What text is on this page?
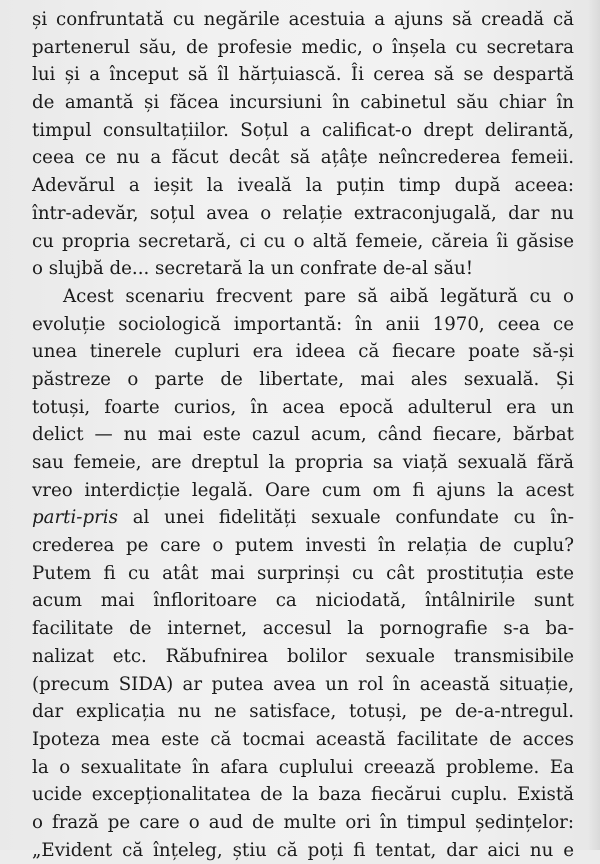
și confruntată cu negările acestuia a ajuns să creadă că
partenerul său, de profesie medic, o înșela cu secretara
lui și a început să îl hărțuiască. Îi cerea să se despartă
de amantă și făcea incursiuni în cabinetul său chiar în
timpul consultațiilor. Soțul a calificat-o drept delirantă,
ceea ce nu a făcut decât să ațâțe neîncrederea femeii.
Adevărul a ieșit la iveală la puțin timp după aceea:
într-adevăr, soțul avea o relație extraconjugală, dar nu
cu propria secretară, ci cu o altă femeie, căreia îi găsise
o slujbă de... secretară la un confrate de-al său!
Acest scenariu frecvent pare să aibă legătură cu o
evoluție sociologică importantă: în anii 1970, ceea ce
unea tinerele cupluri era ideea că fiecare poate să-și
păstreze o parte de libertate, mai ales sexuală. Și
totuși, foarte curios, în acea epocă adulterul era un
delict — nu mai este cazul acum, când fiecare, bărbat
sau femeie, are dreptul la propria sa viață sexuală fără
vreo interdicție legală. Oare cum om fi ajuns la acest
parti-pris al unei fidelități sexuale confundate cu în-
crederea pe care o putem investi în relația de cuplu?
Putem fi cu atât mai surprinși cu cât prostituția este
acum mai înfloritoare ca niciodată, întâlnirile sunt
facilitate de internet, accesul la pornografie s-a ba-
nalizat etc. Răbufnirea bolilor sexuale transmisibile
(precum SIDA) ar putea avea un rol în această situație,
dar explicația nu ne satisface, totuși, pe de-a-ntregul.
Ipoteza mea este că tocmai această facilitate de acces
la o sexualitate în afara cuplului creează probleme. Ea
ucide excepționalitatea de la baza fiecărui cuplu. Există
o frază pe care o aud de multe ori în timpul ședințelor:
„Evident că înțeleg, știu că poți fi tentat, dar aici nu e
